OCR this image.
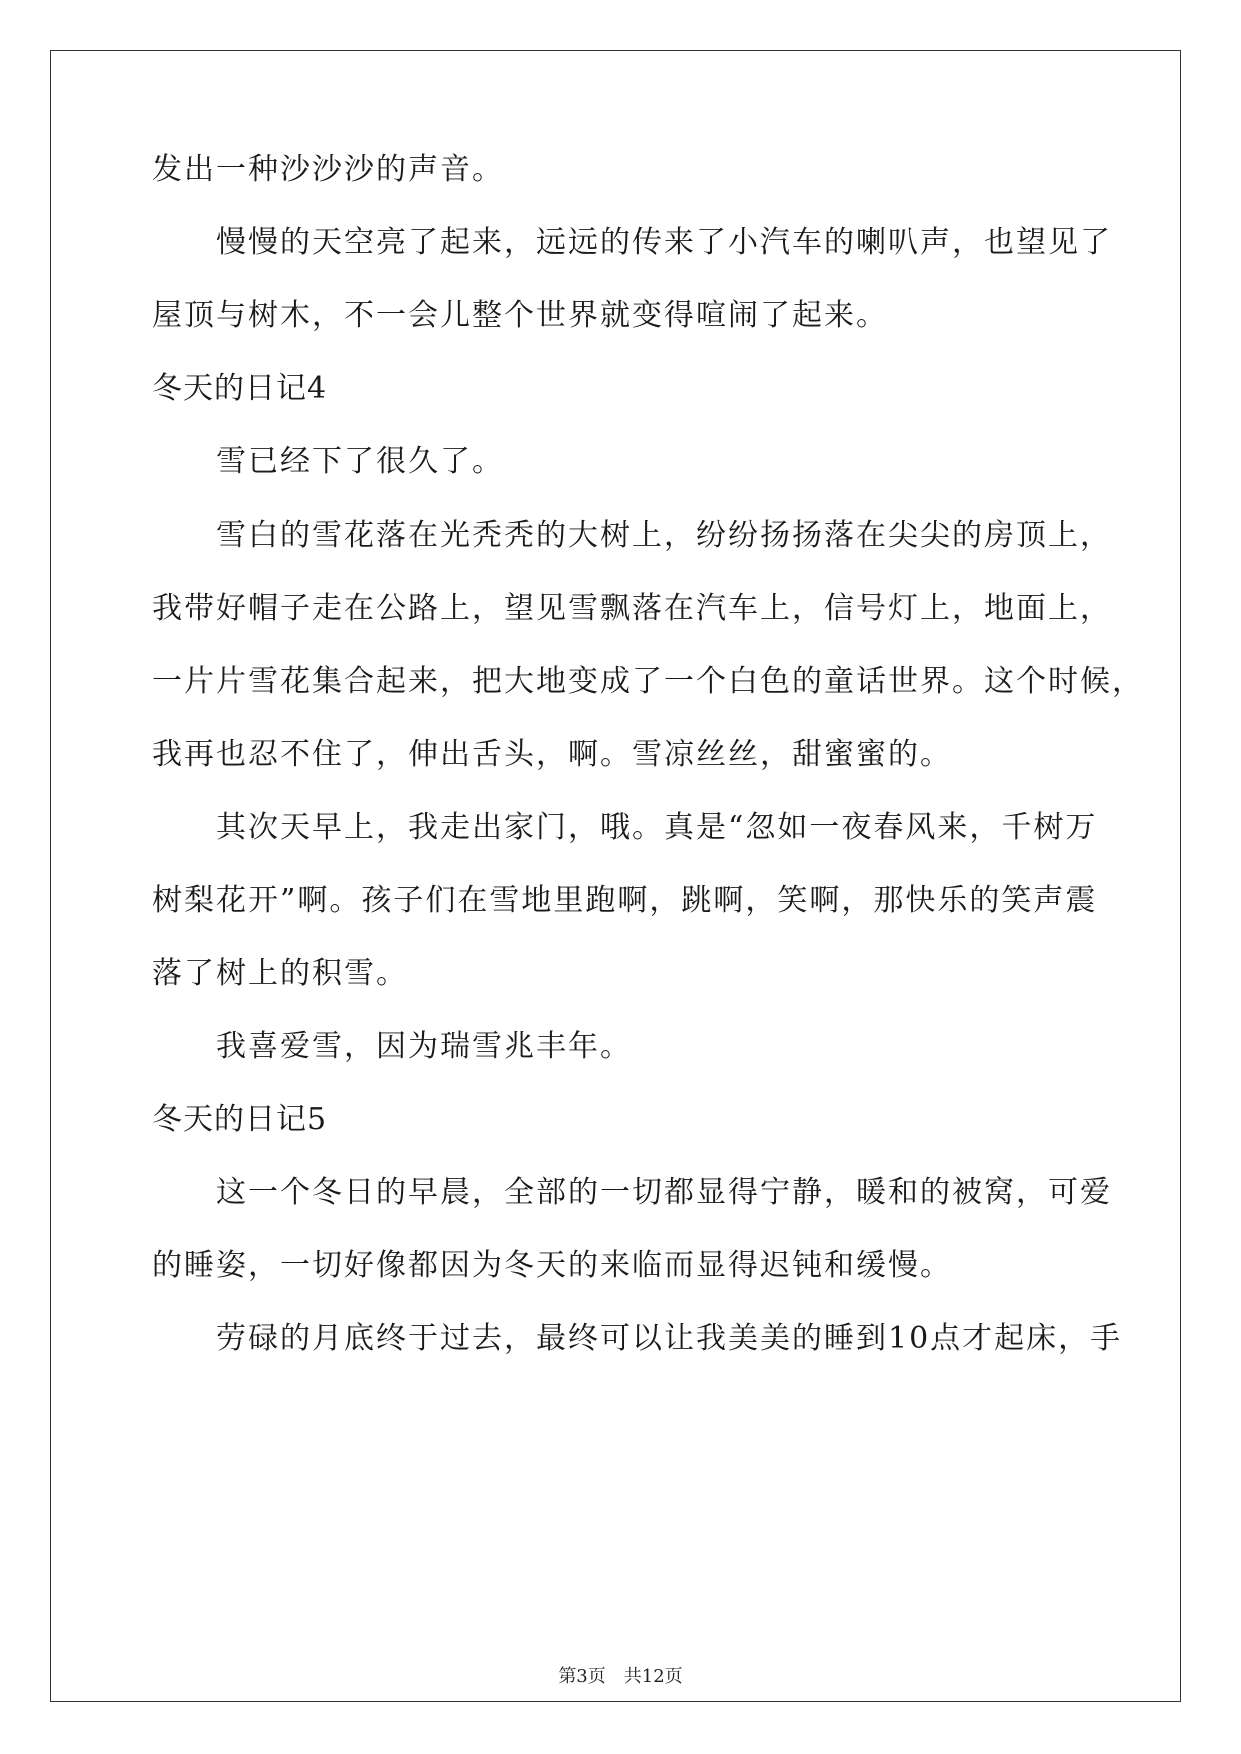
发出一种沙沙沙的声音。
慢慢的天空亮了起来，远远的传来了小汽车的喇叭声，也望见了
屋顶与树木，不一会儿整个世界就变得喧闹了起来。
冬天的日记4
雪已经下了很久了。
雪白的雪花落在光秃秃的大树上，纷纷扬扬落在尖尖的房顶上，
我带好帽子走在公路上，望见雪飘落在汽车上，信号灯上，地面上，
一片片雪花集合起来，把大地变成了一个白色的童话世界。这个时候，
我再也忍不住了，伸出舌头，啊。雪凉丝丝，甜蜜蜜的。
其次天早上，我走出家门，哦。真是“忽如一夜春风来，千树万
树梨花开”啊。孩子们在雪地里跑啊，跳啊，笑啊，那快乐的笑声震
落了树上的积雪。
我喜爱雪，因为瑞雪兆丰年。
冬天的日记5
这一个冬日的早晨，全部的一切都显得宁静，暖和的被窝，可爱
的睡姿，一切好像都因为冬天的来临而显得迟钝和缓慢。
劳碌的月底终于过去，最终可以让我美美的睡到10点才起床，手
第3页 共12页
